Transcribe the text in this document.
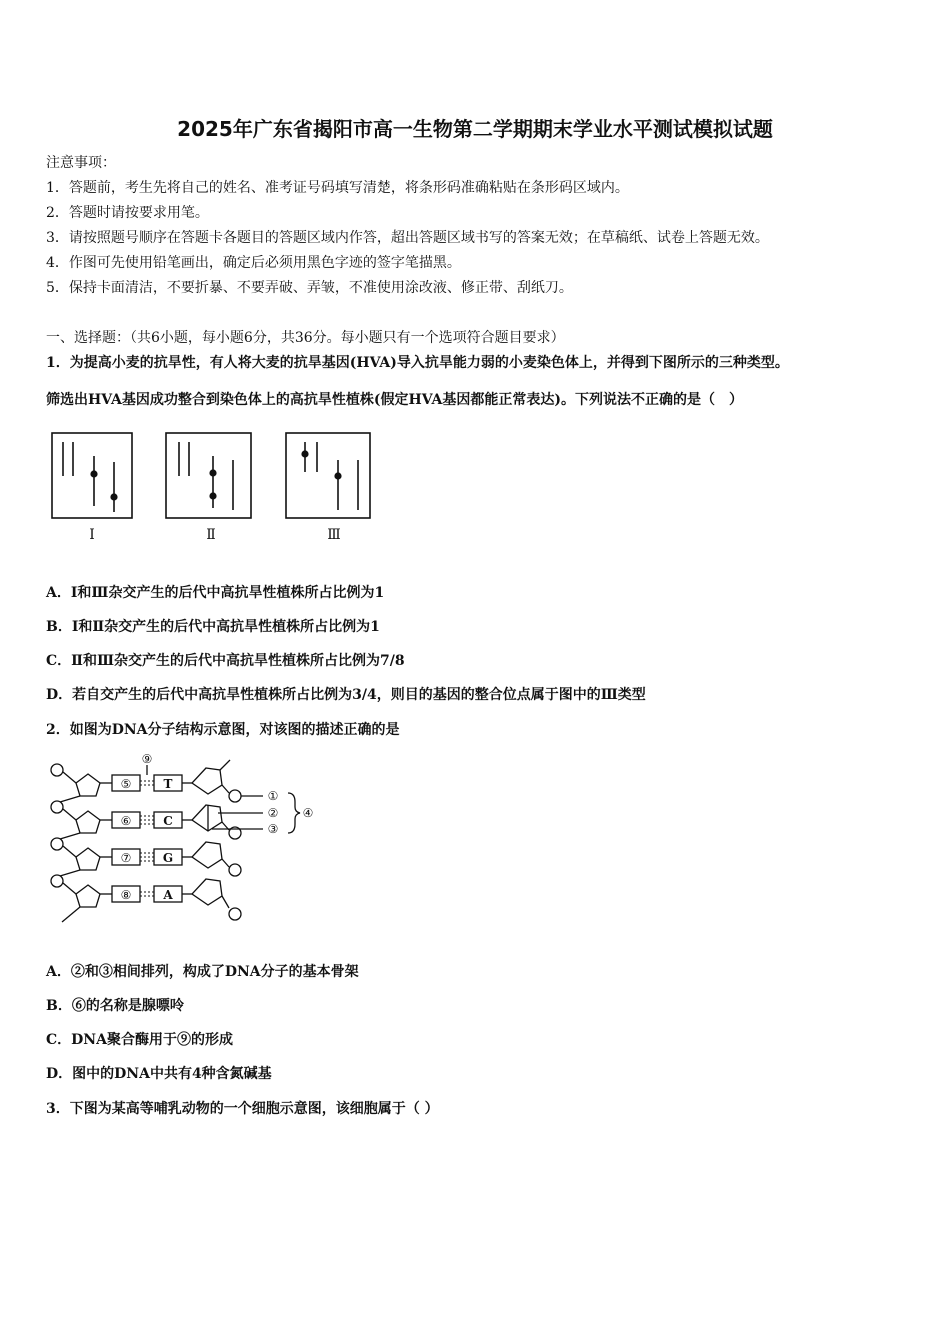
2025年广东省揭阳市高一生物第二学期期末学业水平测试模拟试题
注意事项：
1．答题前，考生先将自己的姓名、准考证号码填写清楚，将条形码准确粘贴在条形码区域内。
2．答题时请按要求用笔。
3．请按照题号顺序在答题卡各题目的答题区域内作答，超出答题区域书写的答案无效；在草稿纸、试卷上答题无效。
4．作图可先使用铅笔画出，确定后必须用黑色字迹的签字笔描黑。
5．保持卡面清洁，不要折暴、不要弄破、弄皱，不准使用涂改液、修正带、刮纸刀。
一、选择题：（共6小题，每小题6分，共36分。每小题只有一个选项符合题目要求）
1．为提高小麦的抗旱性，有人将大麦的抗旱基因(HVA)导入抗旱能力弱的小麦染色体上，并得到下图所示的三种类型。
筛选出HVA基因成功整合到染色体上的高抗旱性植株(假定HVA基因都能正常表达)。下列说法不正确的是（　）
Ⅰ	Ⅱ	Ⅲ
A．Ⅰ和Ⅲ杂交产生的后代中高抗旱性植株所占比例为1
B．Ⅰ和Ⅱ杂交产生的后代中高抗旱性植株所占比例为1
C．Ⅱ和Ⅲ杂交产生的后代中高抗旱性植株所占比例为7/8
D．若自交产生的后代中高抗旱性植株所占比例为3/4，则目的基因的整合位点属于图中的Ⅲ类型
2．如图为DNA分子结构示意图，对该图的描述正确的是
⑤
⑥
⑦
⑧
T
C
G
A
⑨
①
②
③
④
A．②和③相间排列，构成了DNA分子的基本骨架
B．⑥的名称是腺嘌呤
C．DNA聚合酶用于⑨的形成
D．图中的DNA中共有4种含氮碱基
3．下图为某高等哺乳动物的一个细胞示意图，该细胞属于（ ）
